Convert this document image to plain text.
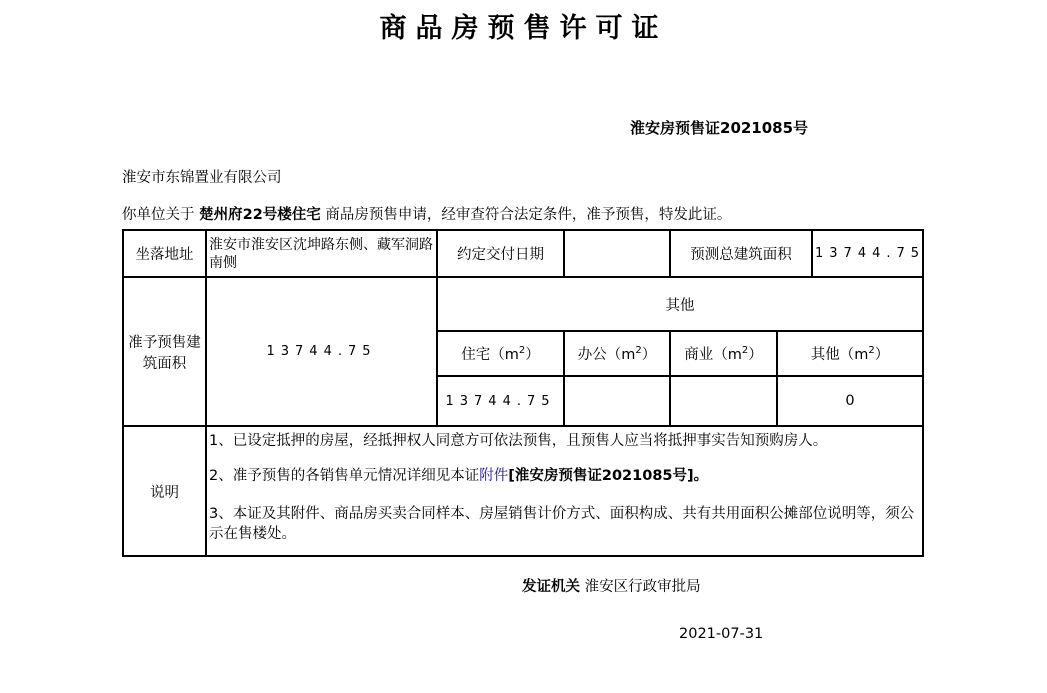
商品房预售许可证
淮安房预售证2021085号
淮安市东锦置业有限公司
你单位关于 楚州府22号楼住宅 商品房预售申请，经审查符合法定条件，准予预售，特发此证。
坐落地址	淮安市淮安区沈坤路东侧、藏军洞路南侧	约定交付日期		预测总建筑面积		13744.75
准予预售建筑面积	13744.75	其他				
		住宅$(m^2)$	办公$(m^2)$	商业$(m^2)$	其他$(m^2)$	
		13744.75			0	
说明	1、已设定抵押的房屋，经抵押权人同意方可依法预售，且预售人应当将抵押事实告知预购房人。

2、准予预售的各销售单元情况详细见本证附件[淮安房预售证2021085号]。

3、本证及其附件、商品房买卖合同样本、房屋销售计价方式、面积构成、共有共用面积公摊部位说明等，须公示在售楼处。					

发证机关 淮安区行政审批局
2021-07-31
